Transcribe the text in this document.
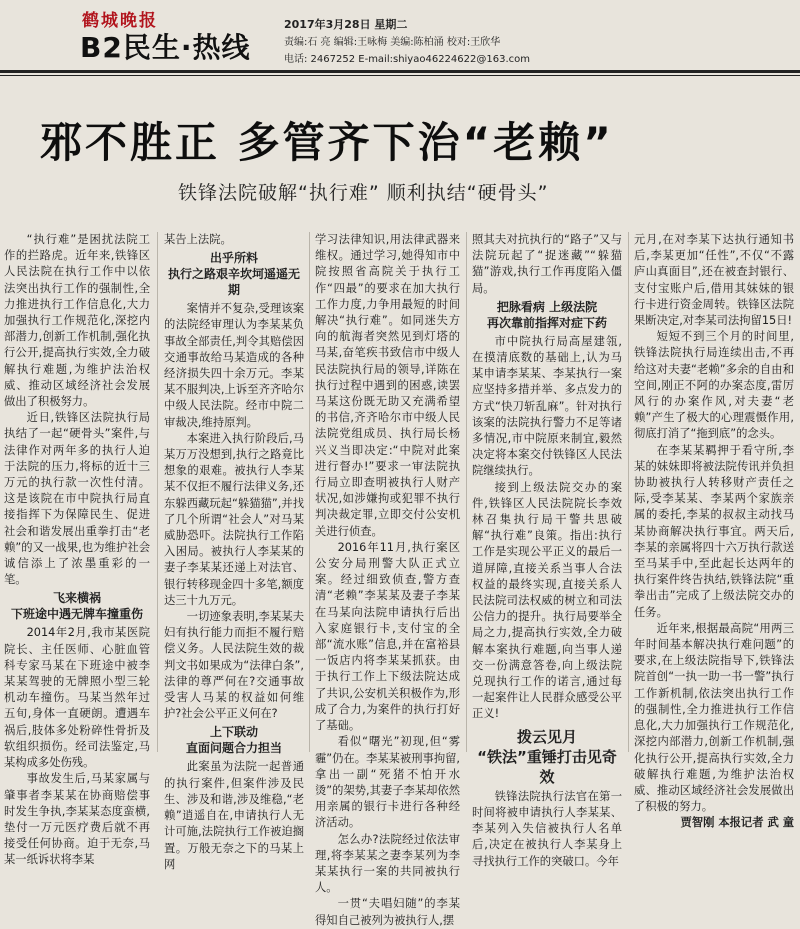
鹤城晚报
B2民生·热线
2017年3月28日 星期二
责编:石 亮 编辑:王咏梅 美编:陈柏涌 校对:王欣华
电话: 2467252 E-mail:shiyao46224622@163.com
邪不胜正 多管齐下治“老赖”
铁锋法院破解“执行难” 顺利执结“硬骨头”

“执行难”是困扰法院工作的拦路虎。近年来,铁锋区人民法院在执行工作中以依法突出执行工作的强制性,全力推进执行工作信息化,大力加强执行工作规范化,深挖内部潜力,创新工作机制,强化执行公开,提高执行实效,全力破解执行难题,为维护法治权威、推动区域经济社会发展做出了积极努力。

近日,铁锋区法院执行局执结了一起“硬骨头”案件,与法律作对两年多的执行人迫于法院的压力,将标的近十三万元的执行款一次性付清。这是该院在市中院执行局直接指挥下为保障民生、促进社会和谐发展出重拳打击“老赖”的又一战果,也为维护社会诚信添上了浓墨重彩的一笔。

飞来横祸
下班途中遇无牌车撞重伤

2014年2月,我市某医院院长、主任医师、心脏血管科专家马某在下班途中被李某某驾驶的无牌照小型三轮机动车撞伤。马某当然年过五旬,身体一直硬朗。遭遇车祸后,肢体多处粉碎性骨折及软组织损伤。经司法鉴定,马某构成多处伤残。

事故发生后,马某家属与肇事者李某某在协商赔偿事时发生争执,李某某态度蛮横,垫付一万元医疗费后就不再接受任何协商。迫于无奈,马某一纸诉状将李某

某告上法院。

出乎所料
执行之路艰辛坎坷遥遥无期

案情并不复杂,受理该案的法院经审理认为李某某负事故全部责任,判令其赔偿因交通事故给马某造成的各种经济损失四十余万元。李某某不服判决,上诉至齐齐哈尔中级人民法院。经市中院二审裁决,维持原判。

本案进入执行阶段后,马某万万没想到,执行之路竟比想象的艰难。被执行人李某某不仅拒不履行法律义务,还东躲西藏玩起“躲猫猫”,并找了几个所谓“社会人”对马某威胁恐吓。法院执行工作陷入困局。被执行人李某某的妻子李某某还递上对法官、银行转移现金四十多笔,额度达三十九万元。

一切迹象表明,李某某夫妇有执行能力而拒不履行赔偿义务。人民法院生效的裁判文书如果成为“法律白条”,法律的尊严何在?交通事故受害人马某的权益如何维护?社会公平正义何在?

上下联动
直面问题合力担当

此案虽为法院一起普通的执行案件,但案件涉及民生、涉及和谐,涉及维稳,“老赖”逍遥自在,申请执行人无计可施,法院执行工作被迫搁置。万般无奈之下的马某上网

学习法律知识,用法律武器来维权。通过学习,她得知市中院按照省高院关于执行工作“四最”的要求在加大执行工作力度,力争用最短的时间解决“执行难”。如同迷失方向的航海者突然见到灯塔的马某,奋笔疾书致信市中级人民法院执行局的领导,详陈在执行过程中遇到的困惑,读罢马某这份既无助又充满希望的书信,齐齐哈尔市中级人民法院党组成员、执行局长杨兴义当即决定:“中院对此案进行督办!”要求一审法院执行局立即查明被执行人财产状况,如涉嫌拘或犯罪不执行判决裁定罪,立即交付公安机关进行侦查。

2016年11月,执行案区公安分局刑警大队正式立案。经过细致侦查,警方查清“老赖”李某某及妻子李某在马某向法院申请执行后出入家庭银行卡,支付宝的全部“流水账”信息,并在富裕县一饭店内将李某某抓获。由于执行工作上下级法院达成了共识,公安机关积极作为,形成了合力,为案件的执行打好了基础。

看似“曙光”初现,但“雾霾”仍在。李某某被刑事拘留,拿出一副“死猪不怕开水烫”的架势,其妻子李某却依然用亲属的银行卡进行各种经济活动。

怎么办?法院经过依法审理,将李某某之妻李某列为李某某执行一案的共同被执行人。

一贯“夫唱妇随”的李某得知自己被列为被执行人,摆

照其夫对抗执行的“路子”又与法院玩起了“捉迷藏”“躲猫猫”游戏,执行工作再度陷入僵局。

把脉看病 上级法院
再次靠前指挥对症下药

市中院执行局高屋建瓴,在摸清底数的基础上,认为马某申请李某某、李某执行一案应坚持多措并举、多点发力的方式“快刀斩乱麻”。针对执行该案的法院执行警力不足等诸多情况,市中院原来制宜,毅然决定将本案交付铁锋区人民法院继续执行。

接到上级法院交办的案件,铁锋区人民法院院长李效林召集执行局干警共思破解“执行难”良策。指出:执行工作是实现公平正义的最后一道屏障,直接关系当事人合法权益的最终实现,直接关系人民法院司法权威的树立和司法公信力的提升。执行局要举全局之力,提高执行实效,全力破解本案执行难题,向当事人递交一份满意答卷,向上级法院兑现执行工作的诺言,通过每一起案件让人民群众感受公平正义!

拨云见月
“铁法”重锤打击见奇效

铁锋法院执行法官在第一时间将被申请执行人李某某、李某列入失信被执行人名单后,决定在被执行人李某身上寻找执行工作的突破口。今年

元月,在对李某下达执行通知书后,李某更加“任性”,不仅“不露庐山真面目”,还在被查封银行、支付宝账户后,借用其妹妹的银行卡进行资金周转。铁锋区法院果断决定,对李某司法拘留15日!

短短不到三个月的时间里,铁锋法院执行局连续出击,不再给这对夫妻“老赖”多余的自由和空间,刚正不阿的办案态度,雷厉风行的办案作风,对夫妻“老赖”产生了极大的心理震慑作用,彻底打消了“拖到底”的念头。

在李某某羁押于看守所,李某的妹妹即将被法院传讯并负担协助被执行人转移财产责任之际,受李某某、李某两个家族亲属的委托,李某的叔叔主动找马某协商解决执行事宜。两天后,李某的亲属将四十六万执行款送至马某手中,至此起长达两年的执行案件终告执结,铁锋法院“重拳出击”完成了上级法院交办的任务。

近年来,根据最高院“用两三年时间基本解决执行难问题”的要求,在上级法院指导下,铁锋法院首创“一执一助一书一警”执行工作新机制,依法突出执行工作的强制性,全力推进执行工作信息化,大力加强执行工作规范化,深挖内部潜力,创新工作机制,强化执行公开,提高执行实效,全力破解执行难题,为维护法治权威、推动区域经济社会发展做出了积极的努力。

贾智刚 本报记者 武 童
